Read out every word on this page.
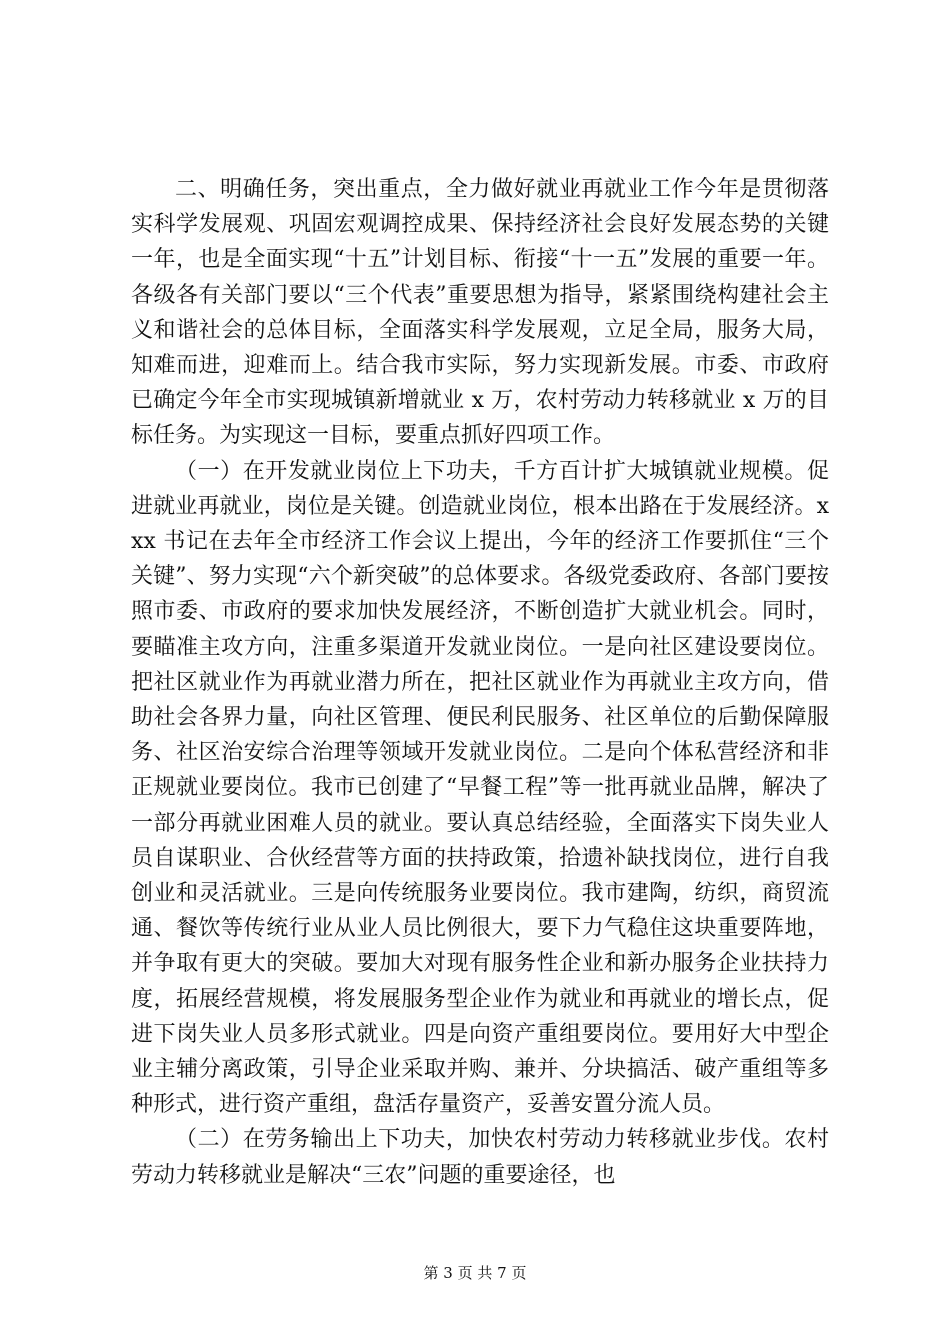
二、明确任务，突出重点，全力做好就业再就业工作今年是贯彻落实科学发展观、巩固宏观调控成果、保持经济社会良好发展态势的关键一年，也是全面实现“十五”计划目标、衔接“十一五”发展的重要一年。各级各有关部门要以“三个代表”重要思想为指导，紧紧围绕构建社会主义和谐社会的总体目标，全面落实科学发展观，立足全局，服务大局，知难而进，迎难而上。结合我市实际，努力实现新发展。市委、市政府已确定今年全市实现城镇新增就业 x 万，农村劳动力转移就业 x 万的目标任务。为实现这一目标，要重点抓好四项工作。

（一）在开发就业岗位上下功夫，千方百计扩大城镇就业规模。促进就业再就业，岗位是关键。创造就业岗位，根本出路在于发展经济。xxx 书记在去年全市经济工作会议上提出，今年的经济工作要抓住“三个关键”、努力实现“六个新突破”的总体要求。各级党委政府、各部门要按照市委、市政府的要求加快发展经济，不断创造扩大就业机会。同时，要瞄准主攻方向，注重多渠道开发就业岗位。一是向社区建设要岗位。把社区就业作为再就业潜力所在，把社区就业作为再就业主攻方向，借助社会各界力量，向社区管理、便民利民服务、社区单位的后勤保障服务、社区治安综合治理等领域开发就业岗位。二是向个体私营经济和非正规就业要岗位。我市已创建了“早餐工程”等一批再就业品牌，解决了一部分再就业困难人员的就业。要认真总结经验，全面落实下岗失业人员自谋职业、合伙经营等方面的扶持政策，拾遗补缺找岗位，进行自我创业和灵活就业。三是向传统服务业要岗位。我市建陶，纺织，商贸流通、餐饮等传统行业从业人员比例很大，要下力气稳住这块重要阵地，并争取有更大的突破。要加大对现有服务性企业和新办服务企业扶持力度，拓展经营规模，将发展服务型企业作为就业和再就业的增长点，促进下岗失业人员多形式就业。四是向资产重组要岗位。要用好大中型企业主辅分离政策，引导企业采取并购、兼并、分块搞活、破产重组等多种形式，进行资产重组，盘活存量资产，妥善安置分流人员。

（二）在劳务输出上下功夫，加快农村劳动力转移就业步伐。农村劳动力转移就业是解决“三农”问题的重要途径，也

第 3 页 共 7 页
